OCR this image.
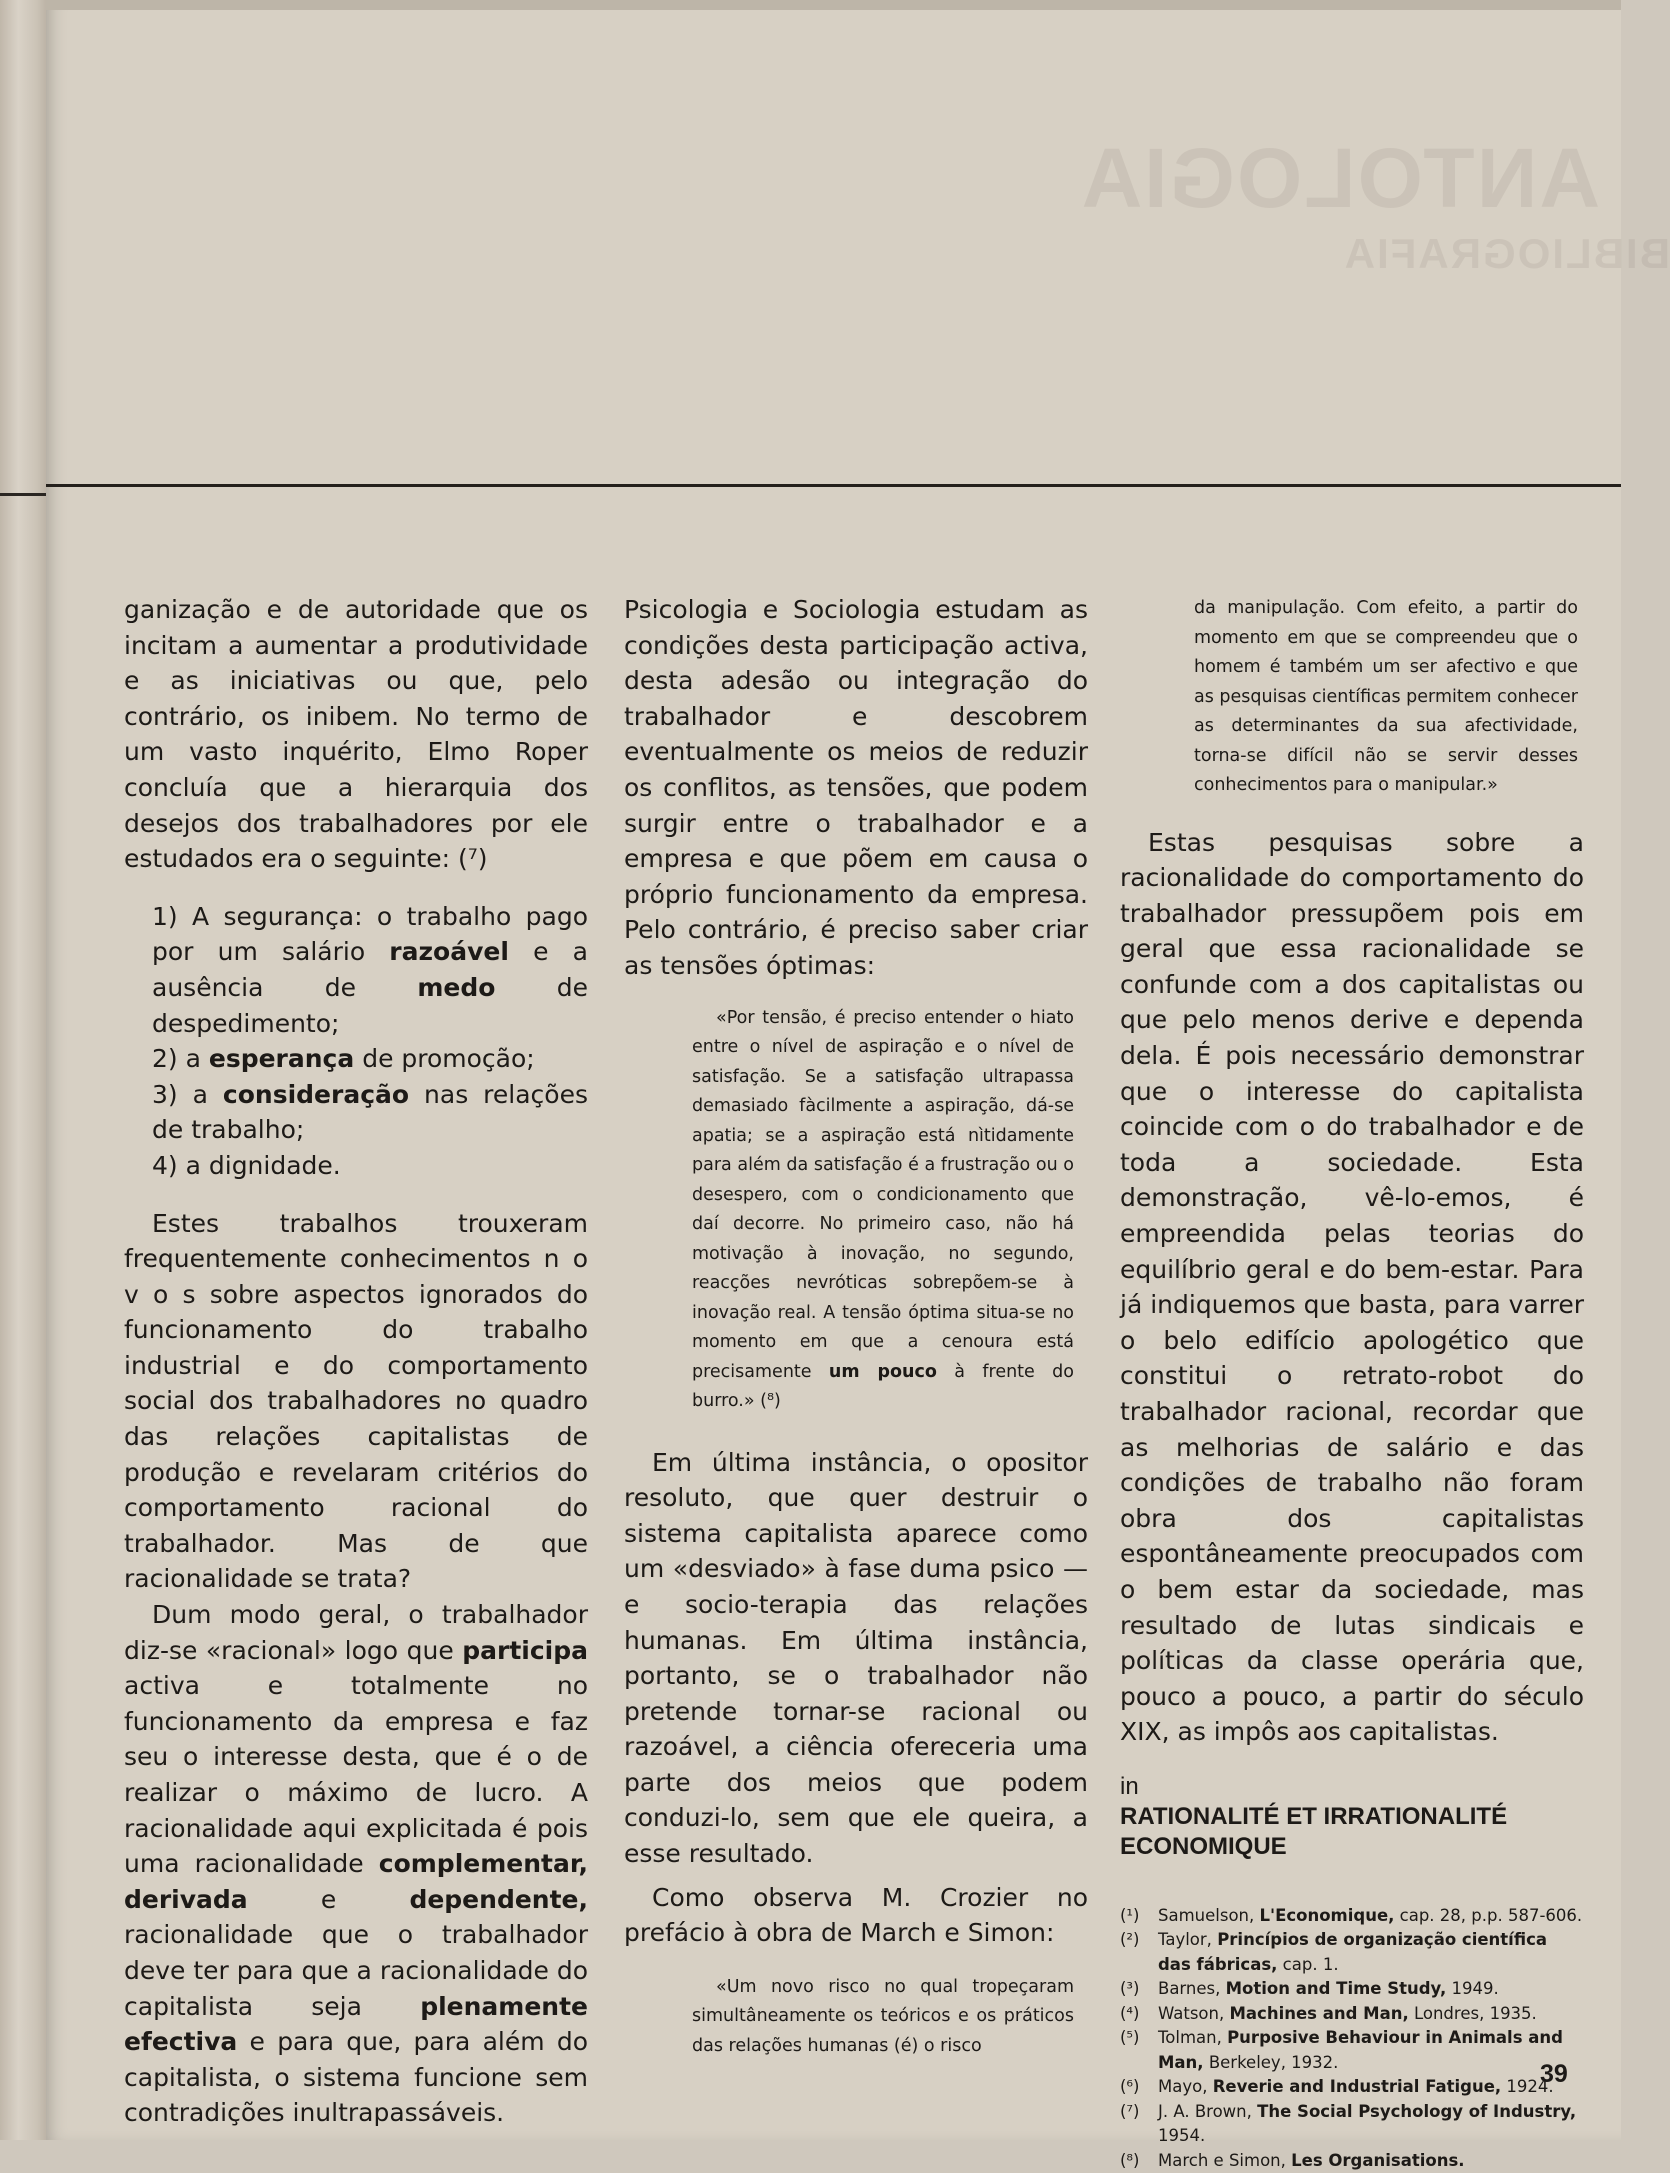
ANTOLOGIA
BIBLIOGRAFIA

ganização e de autoridade que os incitam a aumentar a produtividade e as iniciativas ou que, pelo contrário, os inibem. No termo de um vasto inquérito, Elmo Roper concluía que a hierarquia dos desejos dos trabalhadores por ele estudados era o seguinte: (⁷)

1) A segurança: o trabalho pago por um salário razoável e a ausência de medo de despedimento;

2) a esperança de promoção;

3) a consideração nas relações de trabalho;

4) a dignidade.

Estes trabalhos trouxeram frequentemente conhecimentos n o v o s sobre aspectos ignorados do funcionamento do trabalho industrial e do comportamento social dos trabalhadores no quadro das relações capitalistas de produção e revelaram critérios do comportamento racional do trabalhador. Mas de que racionalidade se trata?

Dum modo geral, o trabalhador diz-se «racional» logo que participa activa e totalmente no funcionamento da empresa e faz seu o interesse desta, que é o de realizar o máximo de lucro. A racionalidade aqui explicitada é pois uma racionalidade complementar, derivada e dependente, racionalidade que o trabalhador deve ter para que a racionalidade do capitalista seja plenamente efectiva e para que, para além do capitalista, o sistema funcione sem contradições inultrapassáveis.

Psicologia e Sociologia estudam as condições desta participação activa, desta adesão ou integração do trabalhador e descobrem eventualmente os meios de reduzir os conflitos, as tensões, que podem surgir entre o trabalhador e a empresa e que põem em causa o próprio funcionamento da empresa. Pelo contrário, é preciso saber criar as tensões óptimas:

«Por tensão, é preciso entender o hiato entre o nível de aspiração e o nível de satisfação. Se a satisfação ultrapassa demasiado fàcilmente a aspiração, dá-se apatia; se a aspiração está nìtidamente para além da satisfação é a frustração ou o desespero, com o condicionamento que daí decorre. No primeiro caso, não há motivação à inovação, no segundo, reacções nevróticas sobrepõem-se à inovação real. A tensão óptima situa-se no momento em que a cenoura está precisamente um pouco à frente do burro.» (⁸)

Em última instância, o opositor resoluto, que quer destruir o sistema capitalista aparece como um «desviado» à fase duma psico — e socio-terapia das relações humanas. Em última instância, portanto, se o trabalhador não pretende tornar-se racional ou razoável, a ciência ofereceria uma parte dos meios que podem conduzi-lo, sem que ele queira, a esse resultado.

Como observa M. Crozier no prefácio à obra de March e Simon:

«Um novo risco no qual tropeçaram simultâneamente os teóricos e os práticos das relações humanas (é) o risco

da manipulação. Com efeito, a partir do momento em que se compreendeu que o homem é também um ser afectivo e que as pesquisas científicas permitem conhecer as determinantes da sua afectividade, torna-se difícil não se servir desses conhecimentos para o manipular.»

Estas pesquisas sobre a racionalidade do comportamento do trabalhador pressupõem pois em geral que essa racionalidade se confunde com a dos capitalistas ou que pelo menos derive e dependa dela. É pois necessário demonstrar que o interesse do capitalista coincide com o do trabalhador e de toda a sociedade. Esta demonstração, vê-lo-emos, é empreendida pelas teorias do equilíbrio geral e do bem-estar. Para já indiquemos que basta, para varrer o belo edifício apologético que constitui o retrato-robot do trabalhador racional, recordar que as melhorias de salário e das condições de trabalho não foram obra dos capitalistas espontâneamente preocupados com o bem estar da sociedade, mas resultado de lutas sindicais e políticas da classe operária que, pouco a pouco, a partir do século XIX, as impôs aos capitalistas.

in RATIONALITÉ ET IRRATIONALITÉ ECONOMIQUE
(¹)	Samuelson, L'Economique, cap. 28, p.p. 587-606.
(²)	Taylor, Princípios de organização científica das fábricas, cap. 1.
(³)	Barnes, Motion and Time Study, 1949.
(⁴)	Watson, Machines and Man, Londres, 1935.
(⁵)	Tolman, Purposive Behaviour in Animals and Man, Berkeley, 1932.
(⁶)	Mayo, Reverie and Industrial Fatigue, 1924.
(⁷)	J. A. Brown, The Social Psychology of Industry, 1954.
(⁸)	March e Simon, Les Organisations.
39
